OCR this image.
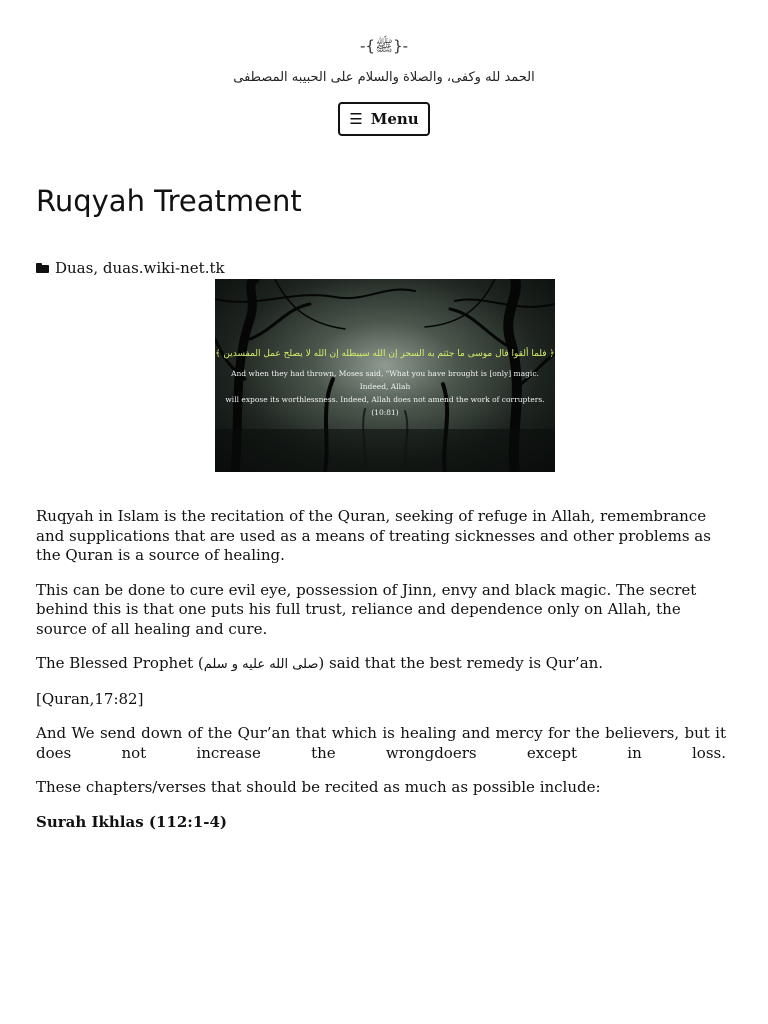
-{ﷺ}-
الحمد لله وكفى، والصلاة والسلام على الحبيبه المصطفى
☰ Menu
Ruqyah Treatment
Duas, duas.wiki-net.tk
﴿ فلما ألقوا قال موسى ما جئتم به السحر إن الله سيبطله إن الله لا يصلح عمل المفسدين ﴾
And when they had thrown, Moses said, "What you have brought is [only] magic. Indeed, Allah
will expose its worthlessness. Indeed, Allah does not amend the work of corrupters. (10:81)

Ruqyah in Islam is the recitation of the Quran, seeking of refuge in Allah, remembrance and supplications that are used as a means of treating sicknesses and other problems as the Quran is a source of healing.

This can be done to cure evil eye, possession of Jinn, envy and black magic. The secret behind this is that one puts his full trust, reliance and dependence only on Allah, the source of all healing and cure.

The Blessed Prophet (صلى الله عليه و سلم) said that the best remedy is Qur’an.

[Quran,17:82]

And We send down of the Qur’an that which is healing and mercy for the believers, but it does not increase the wrongdoers except in loss.

These chapters/verses that should be recited as much as possible include:

Surah Ikhlas (112:1-4)
